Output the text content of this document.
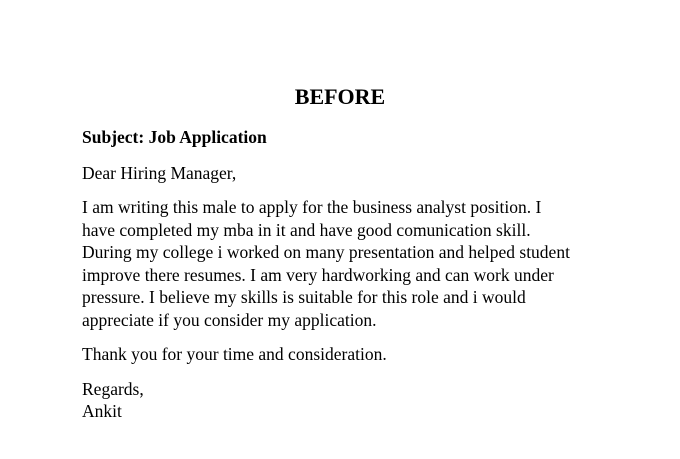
BEFORE

Subject: Job Application

Dear Hiring Manager,

I am writing this male to apply for the business analyst position. I
have completed my mba in it and have good comunication skill.
During my college i worked on many presentation and helped student
improve there resumes. I am very hardworking and can work under
pressure. I believe my skills is suitable for this role and i would
appreciate if you consider my application.

Thank you for your time and consideration.

Regards,

Ankit
